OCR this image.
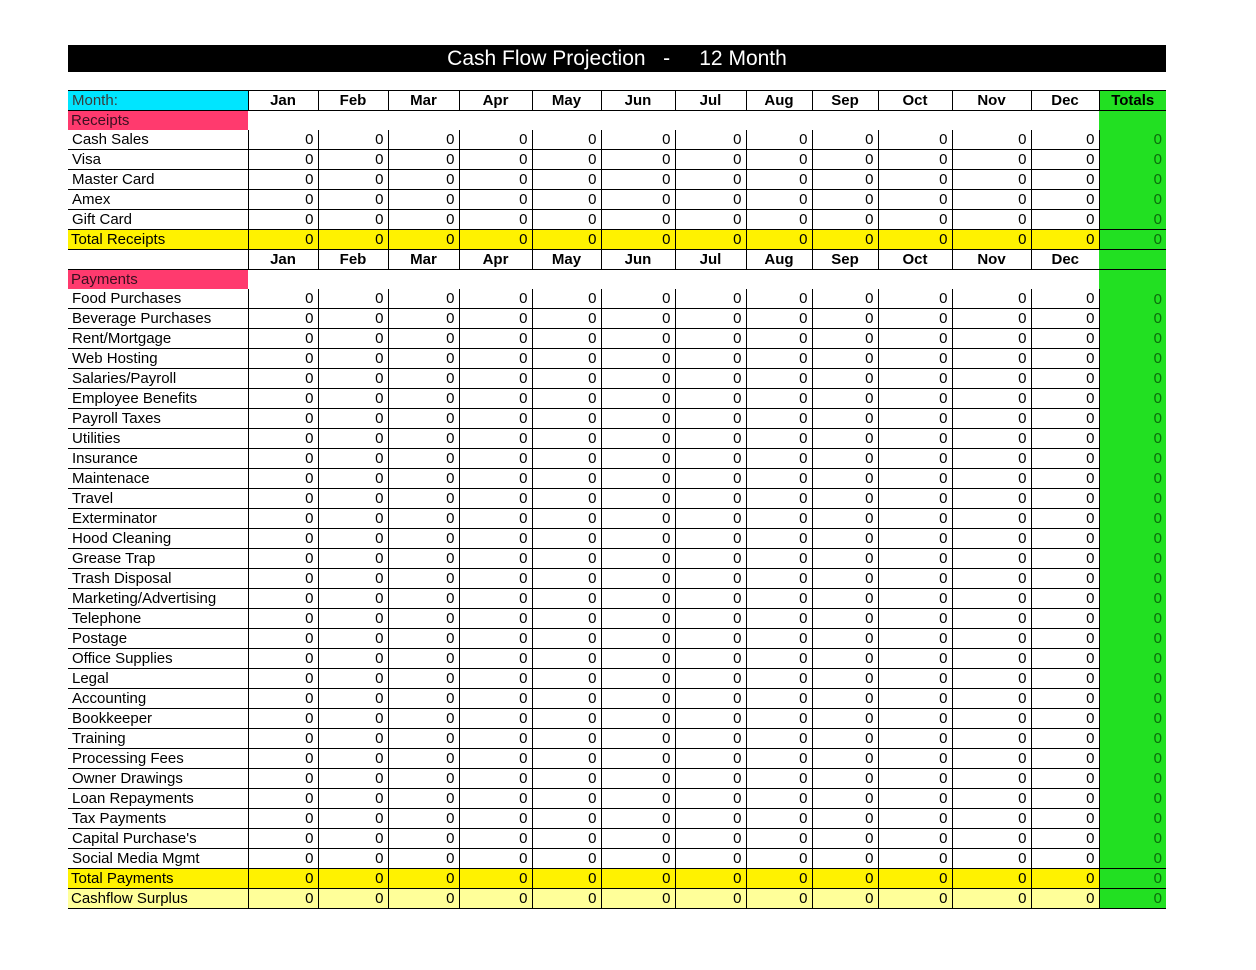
Cash Flow Projection   -     12 Month
Month:	Jan	Feb	Mar	Apr	May	Jun	Jul	Aug	Sep	Oct	Nov	Dec	Totals
Receipts													
Cash Sales	0	0	0	0	0	0	0	0	0	0	0	0	0
Visa	0	0	0	0	0	0	0	0	0	0	0	0	0
Master Card	0	0	0	0	0	0	0	0	0	0	0	0	0
Amex	0	0	0	0	0	0	0	0	0	0	0	0	0
Gift Card	0	0	0	0	0	0	0	0	0	0	0	0	0
Total Receipts	0	0	0	0	0	0	0	0	0	0	0	0	0
	Jan	Feb	Mar	Apr	May	Jun	Jul	Aug	Sep	Oct	Nov	Dec	
Payments													
Food Purchases	0	0	0	0	0	0	0	0	0	0	0	0	0
Beverage Purchases	0	0	0	0	0	0	0	0	0	0	0	0	0
Rent/Mortgage	0	0	0	0	0	0	0	0	0	0	0	0	0
Web Hosting	0	0	0	0	0	0	0	0	0	0	0	0	0
Salaries/Payroll	0	0	0	0	0	0	0	0	0	0	0	0	0
Employee Benefits	0	0	0	0	0	0	0	0	0	0	0	0	0
Payroll Taxes	0	0	0	0	0	0	0	0	0	0	0	0	0
Utilities	0	0	0	0	0	0	0	0	0	0	0	0	0
Insurance	0	0	0	0	0	0	0	0	0	0	0	0	0
Maintenace	0	0	0	0	0	0	0	0	0	0	0	0	0
Travel	0	0	0	0	0	0	0	0	0	0	0	0	0
Exterminator	0	0	0	0	0	0	0	0	0	0	0	0	0
Hood Cleaning	0	0	0	0	0	0	0	0	0	0	0	0	0
Grease Trap	0	0	0	0	0	0	0	0	0	0	0	0	0
Trash Disposal	0	0	0	0	0	0	0	0	0	0	0	0	0
Marketing/Advertising	0	0	0	0	0	0	0	0	0	0	0	0	0
Telephone	0	0	0	0	0	0	0	0	0	0	0	0	0
Postage	0	0	0	0	0	0	0	0	0	0	0	0	0
Office Supplies	0	0	0	0	0	0	0	0	0	0	0	0	0
Legal	0	0	0	0	0	0	0	0	0	0	0	0	0
Accounting	0	0	0	0	0	0	0	0	0	0	0	0	0
Bookkeeper	0	0	0	0	0	0	0	0	0	0	0	0	0
Training	0	0	0	0	0	0	0	0	0	0	0	0	0
Processing Fees	0	0	0	0	0	0	0	0	0	0	0	0	0
Owner Drawings	0	0	0	0	0	0	0	0	0	0	0	0	0
Loan Repayments	0	0	0	0	0	0	0	0	0	0	0	0	0
Tax Payments	0	0	0	0	0	0	0	0	0	0	0	0	0
Capital Purchase's	0	0	0	0	0	0	0	0	0	0	0	0	0
Social Media Mgmt	0	0	0	0	0	0	0	0	0	0	0	0	0
Total Payments	0	0	0	0	0	0	0	0	0	0	0	0	0
Cashflow Surplus	0	0	0	0	0	0	0	0	0	0	0	0	0
